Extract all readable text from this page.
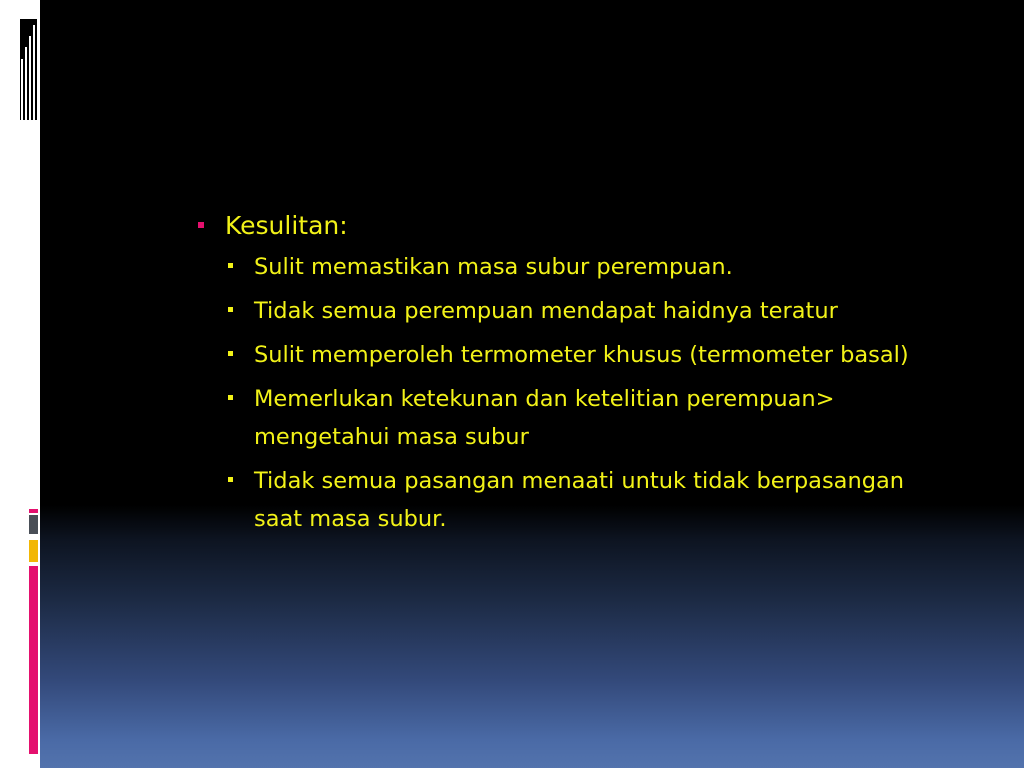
Kesulitan:
Sulit memastikan masa subur perempuan.
Tidak semua perempuan mendapat haidnya teratur
Sulit memperoleh termometer khusus (termometer basal)
Memerlukan ketekunan dan ketelitian perempuan> mengetahui masa subur
Tidak semua pasangan menaati untuk tidak berpasangan saat masa subur.
